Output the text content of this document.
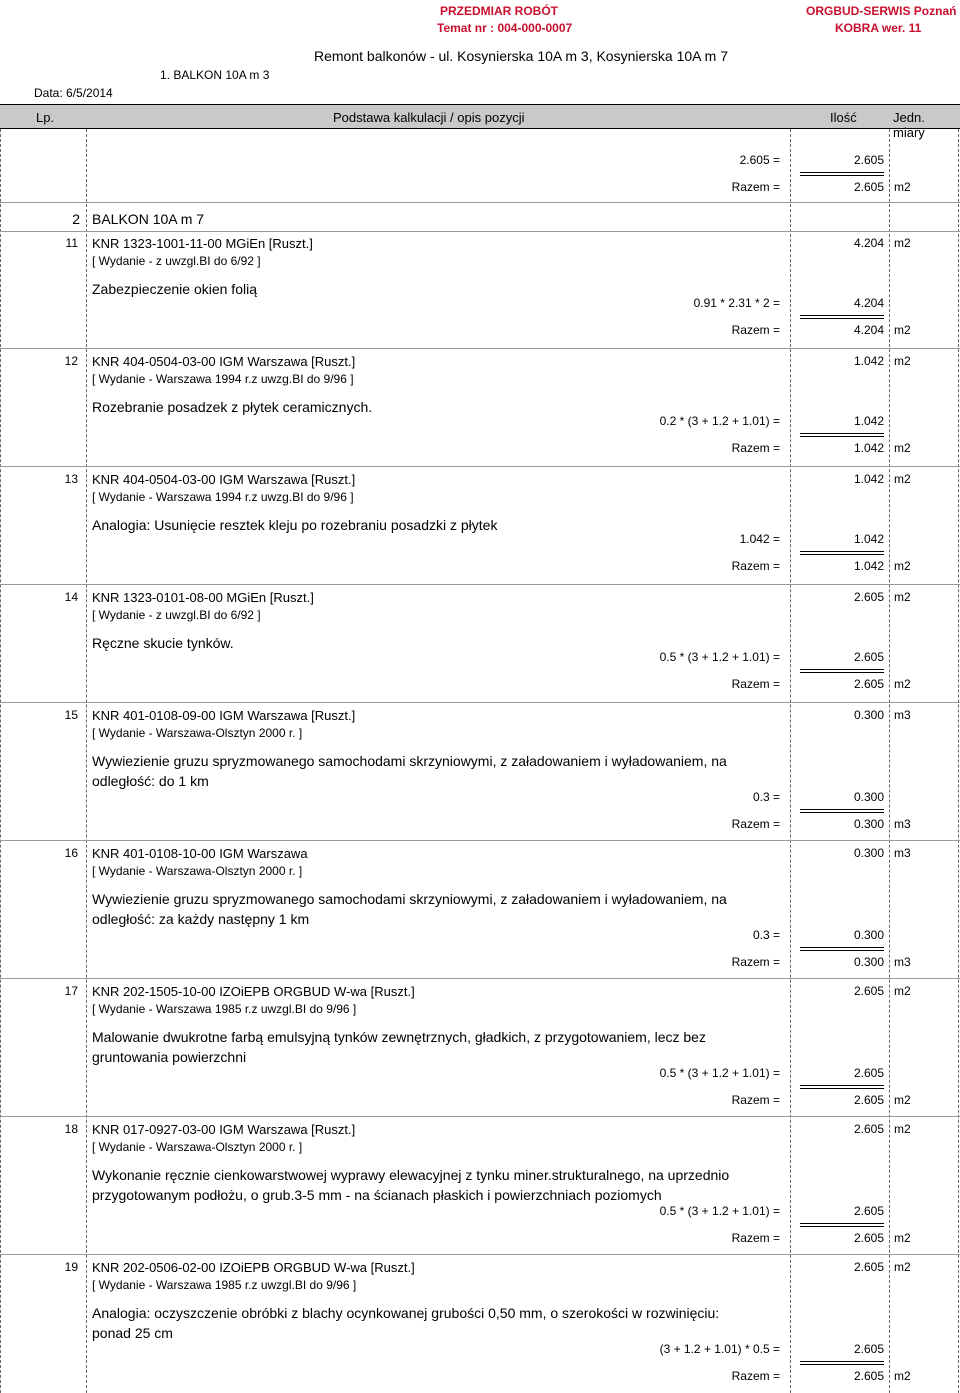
PRZEDMIAR ROBÓT
Temat nr : 004-000-0007
ORGBUD-SERWIS Poznań
KOBRA wer. 11
Remont balkonów - ul. Kosynierska 10A m 3, Kosynierska 10A m 7
1. BALKON 10A m 3
Data: 6/5/2014
Lp.	Podstawa kalkulacji / opis pozycji	Ilość	Jedn. miary
2.605 =	2.605
Razem =	2.605 m2
2 BALKON 10A m 7
11 KNR 1323-1001-11-00 MGiEn [Ruszt.]
[ Wydanie - z uwzgl.BI do 6/92 ]
4.204 m2
Zabezpieczenie okien folią
0.91 * 2.31 * 2 =	4.204
Razem =	4.204 m2
12 KNR 404-0504-03-00 IGM Warszawa [Ruszt.]
[ Wydanie - Warszawa 1994 r.z uwzg.BI do 9/96 ]
1.042 m2
Rozebranie posadzek z płytek ceramicznych.
0.2 * (3 + 1.2 + 1.01) =	1.042
Razem =	1.042 m2
13 KNR 404-0504-03-00 IGM Warszawa [Ruszt.]
[ Wydanie - Warszawa 1994 r.z uwzg.BI do 9/96 ]
1.042 m2
Analogia: Usunięcie resztek kleju po rozebraniu posadzki z płytek
1.042 =	1.042
Razem =	1.042 m2
14 KNR 1323-0101-08-00 MGiEn [Ruszt.]
[ Wydanie - z uwzgl.BI do 6/92 ]
2.605 m2
Ręczne skucie tynków.
0.5 * (3 + 1.2 + 1.01) =	2.605
Razem =	2.605 m2
15 KNR 401-0108-09-00 IGM Warszawa [Ruszt.]
[ Wydanie - Warszawa-Olsztyn 2000 r. ]
0.300 m3
Wywiezienie gruzu spryzmowanego samochodami skrzyniowymi, z załadowaniem i wyładowaniem, na odległość: do 1 km
0.3 =	0.300
Razem =	0.300 m3
16 KNR 401-0108-10-00 IGM Warszawa
[ Wydanie - Warszawa-Olsztyn 2000 r. ]
0.300 m3
Wywiezienie gruzu spryzmowanego samochodami skrzyniowymi, z załadowaniem i wyładowaniem, na odległość: za każdy następny 1 km
0.3 =	0.300
Razem =	0.300 m3
17 KNR 202-1505-10-00 IZOiEPB ORGBUD W-wa [Ruszt.]
[ Wydanie - Warszawa 1985 r.z uwzgl.BI do 9/96 ]
2.605 m2
Malowanie dwukrotne farbą emulsyjną tynków zewnętrznych, gładkich, z przygotowaniem, lecz bez gruntowania powierzchni
0.5 * (3 + 1.2 + 1.01) =	2.605
Razem =	2.605 m2
18 KNR 017-0927-03-00 IGM Warszawa [Ruszt.]
[ Wydanie - Warszawa-Olsztyn 2000 r. ]
2.605 m2
Wykonanie ręcznie cienkowarstwowej wyprawy elewacyjnej z tynku miner.strukturalnego, na uprzednio przygotowanym podłożu, o grub.3-5 mm - na ścianach płaskich i powierzchniach poziomych
0.5 * (3 + 1.2 + 1.01) =	2.605
Razem =	2.605 m2
19 KNR 202-0506-02-00 IZOiEPB ORGBUD W-wa [Ruszt.]
[ Wydanie - Warszawa 1985 r.z uwzgl.BI do 9/96 ]
2.605 m2
Analogia: oczyszczenie obróbki z blachy ocynkowanej grubości 0,50 mm, o szerokości w rozwinięciu: ponad 25 cm
(3 + 1.2 + 1.01) * 0.5 =	2.605
Razem =	2.605 m2
